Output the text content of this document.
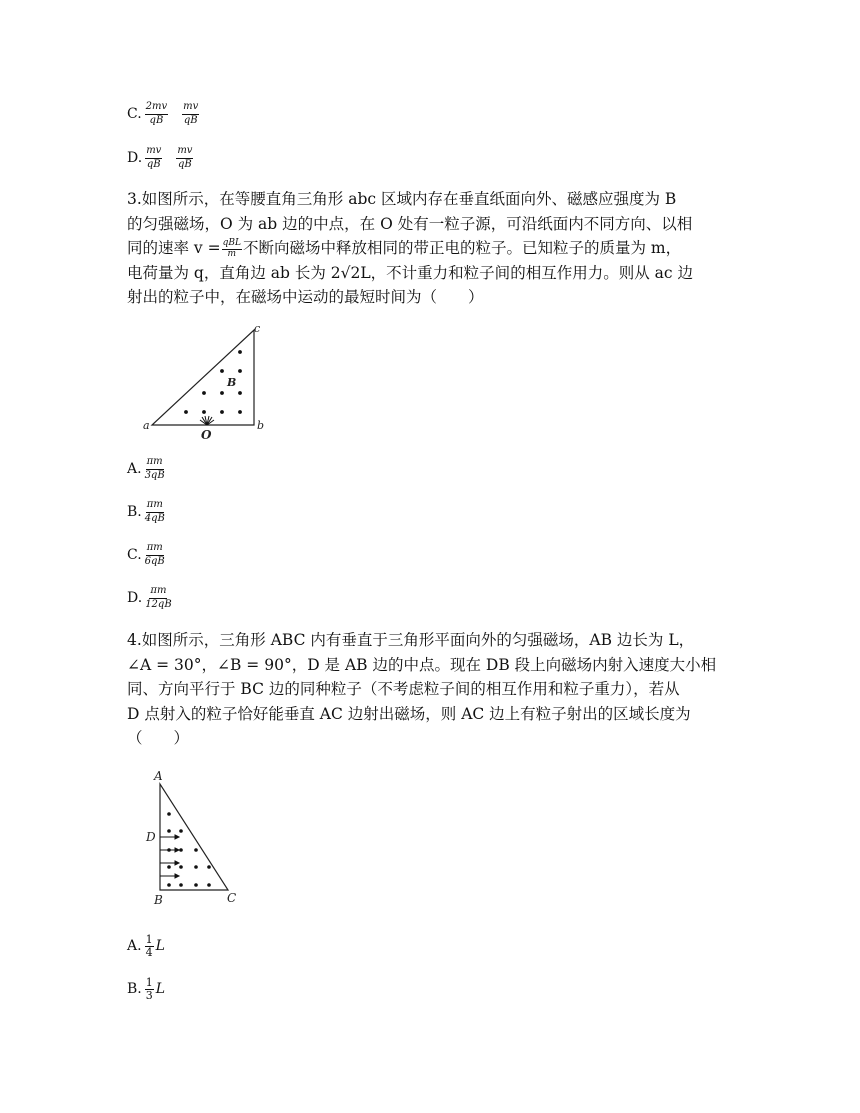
C. $\frac{2mv}{qB} \frac{mv}{qB}$
D. $\frac{mv}{qB} \frac{mv}{qB}$

3.如图所示，在等腰直角三角形 abc 区域内存在垂直纸面向外、磁感应强度为 B

的匀强磁场，O 为 ab 边的中点，在 O 处有一粒子源，可沿纸面内不同方向、以相

同的速率 $v = \frac{\text{qBL}}{m}$ 不断向磁场中释放相同的带正电的粒子。已知粒子的质量为 m，

电荷量为 q，直角边 ab 长为 2√2L，不计重力和粒子间的相互作用力。则从 ac 边

射出的粒子中，在磁场中运动的最短时间为（　　）

a	b
c
B
O
A. $\frac{\pi m}{3qB}$
B. $\frac{\pi m}{4qB}$
C. $\frac{\pi m}{6qB}$
D. $\frac{\pi m}{12qB}$

4.如图所示，三角形 ABC 内有垂直于三角形平面向外的匀强磁场，AB 边长为 L，

∠A = 30°，∠B = 90°，D 是 AB 边的中点。现在 DB 段上向磁场内射入速度大小相

同、方向平行于 BC 边的同种粒子（不考虑粒子间的相互作用和粒子重力），若从

D 点射入的粒子恰好能垂直 AC 边射出磁场，则 AC 边上有粒子射出的区域长度为

（　　）

A
B	C
D
A. $\frac{1}{4}$ L
B. $\frac{1}{3}$ L
